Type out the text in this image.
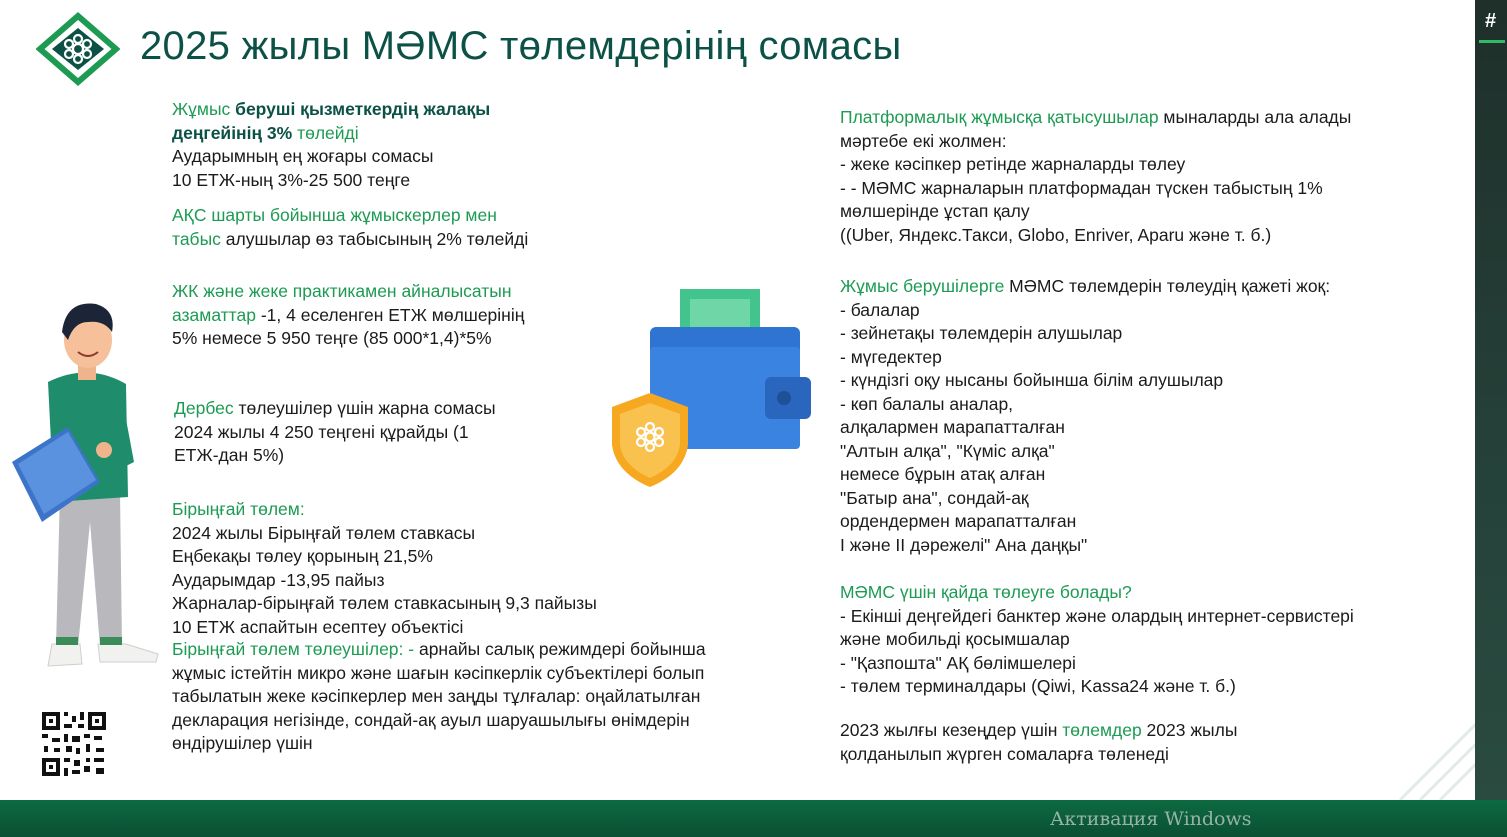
2025 жылы МӘМС төлемдерінің сомасы
Жұмыс беруші қызметкердің жалақы
деңгейінің 3% төлейді
Аударымның ең жоғары сомасы
10 ЕТЖ-ның 3%-25 500 теңге
АҚС шарты бойынша жұмыскерлер мен
табыс алушылар өз табысының 2% төлейді
ЖК және жеке практикамен айналысатын
азаматтар -1, 4 еселенген ЕТЖ мөлшерінің
5% немесе 5 950 теңге (85 000*1,4)*5%
Дербес төлеушілер үшін жарна сомасы
2024 жылы 4 250 теңгені құрайды (1
ЕТЖ-дан 5%)
Бірыңғай төлем:
2024 жылы Бірыңғай төлем ставкасы
Еңбекақы төлеу қорының 21,5%
Аударымдар -13,95 пайыз
Жарналар-бірыңғай төлем ставкасының 9,3 пайызы
10 ЕТЖ аспайтын есептеу объектісі
Бірыңғай төлем төлеушілер: - арнайы салық режимдері бойынша
жұмыс істейтін микро және шағын кәсіпкерлік субъектілері болып
табылатын жеке кәсіпкерлер мен заңды тұлғалар: оңайлатылған
декларация негізінде, сондай-ақ ауыл шаруашылығы өнімдерін
өндірушілер үшін
Платформалық жұмысқа қатысушылар мыналарды ала алады
мәртебе екі жолмен:
- жеке кәсіпкер ретінде жарналарды төлеу
- - МӘМС жарналарын платформадан түскен табыстың 1%
мөлшерінде ұстап қалу
((Uber, Яндекс.Такси, Globo, Enriver, Aparu және т. б.)
Жұмыс берушілерге МӘМС төлемдерін төлеудің қажеті жоқ:
- балалар
- зейнетақы төлемдерін алушылар
- мүгедектер
- күндізгі оқу нысаны бойынша білім алушылар
- көп балалы аналар,
алқалармен марапатталған
"Алтын алқа", "Күміс алқа"
немесе бұрын атақ алған
"Батыр ана", сондай-ақ
ордендермен марапатталған
I және II дәрежелі" Ана даңқы"
МӘМС үшін қайда төлеуге болады?
- Екінші деңгейдегі банктер және олардың интернет-сервистері
және мобильді қосымшалар
- "Қазпошта" АҚ бөлімшелері
- төлем терминалдары (Qiwi, Kassa24 және т. б.)
2023 жылғы кезеңдер үшін төлемдер 2023 жылы
қолданылып жүрген сомаларға төленеді
#
Активация Windows
